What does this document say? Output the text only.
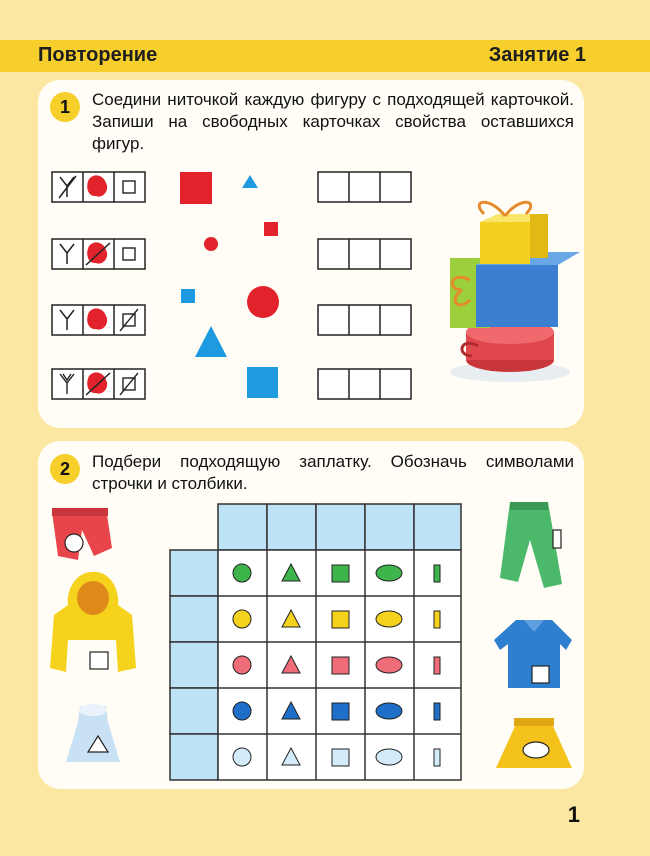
Повторение	Занятие 1
1	Соедини ниточкой каждую фигуру с подходящей карточкой. Запиши на свободных карточках свойства оставшихся фигур.
2	Подбери подходящую заплатку. Обозначь символами строчки и столбики.
1
